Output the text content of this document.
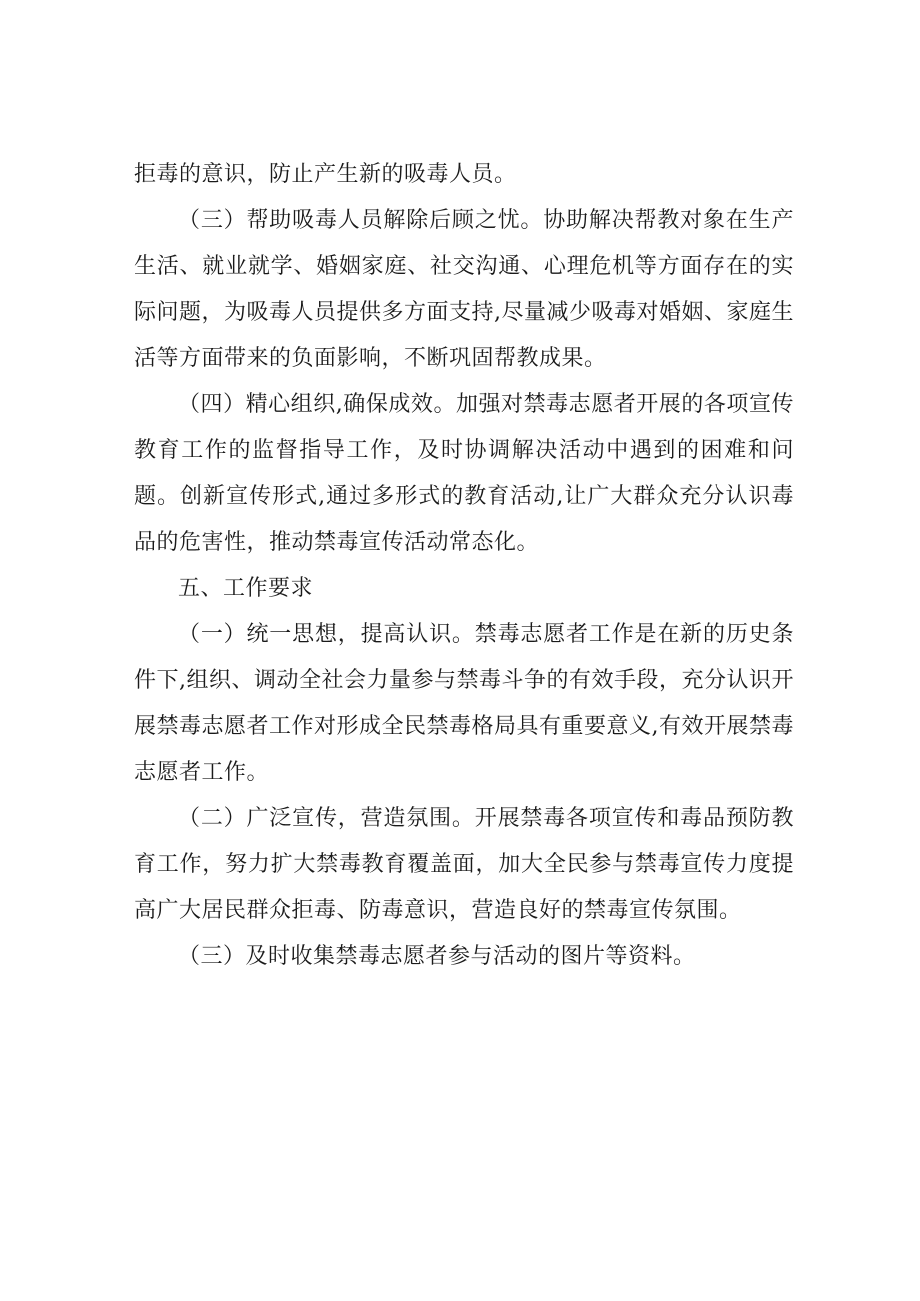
拒毒的意识，防止产生新的吸毒人员。

（三）帮助吸毒人员解除后顾之忧。协助解决帮教对象在生产生活、就业就学、婚姻家庭、社交沟通、心理危机等方面存在的实际问题，为吸毒人员提供多方面支持,尽量减少吸毒对婚姻、家庭生活等方面带来的负面影响，不断巩固帮教成果。

（四）精心组织,确保成效。加强对禁毒志愿者开展的各项宣传教育工作的监督指导工作，及时协调解决活动中遇到的困难和问题。创新宣传形式,通过多形式的教育活动,让广大群众充分认识毒品的危害性，推动禁毒宣传活动常态化。

五、工作要求

（一）统一思想，提高认识。禁毒志愿者工作是在新的历史条件下,组织、调动全社会力量参与禁毒斗争的有效手段，充分认识开展禁毒志愿者工作对形成全民禁毒格局具有重要意义,有效开展禁毒志愿者工作。

（二）广泛宣传，营造氛围。开展禁毒各项宣传和毒品预防教育工作，努力扩大禁毒教育覆盖面，加大全民参与禁毒宣传力度提高广大居民群众拒毒、防毒意识，营造良好的禁毒宣传氛围。

（三）及时收集禁毒志愿者参与活动的图片等资料。
